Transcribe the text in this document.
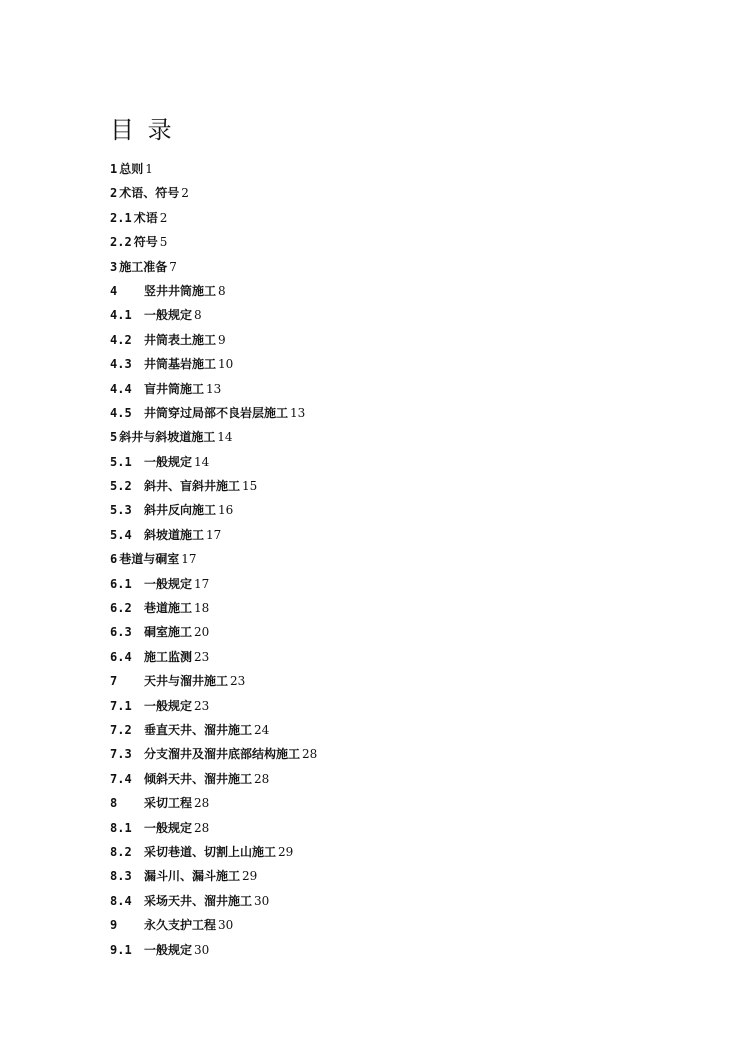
目 录
1 总则 1
2 术语、符号 2
2.1 术语 2
2.2 符号 5
3 施工准备 7
4 竖井井筒施工 8
4.1 一般规定 8
4.2 井筒表土施工 9
4.3 井筒基岩施工 10
4.4 盲井筒施工 13
4.5 井筒穿过局部不良岩层施工 13
5 斜井与斜坡道施工 14
5.1 一般规定 14
5.2 斜井、盲斜井施工 15
5.3 斜井反向施工 16
5.4 斜坡道施工 17
6 巷道与硐室 17
6.1 一般规定 17
6.2 巷道施工 18
6.3 硐室施工 20
6.4 施工监测 23
7 天井与溜井施工 23
7.1 一般规定 23
7.2 垂直天井、溜井施工 24
7.3 分支溜井及溜井底部结构施工 28
7.4 倾斜天井、溜井施工 28
8 采切工程 28
8.1 一般规定 28
8.2 采切巷道、切割上山施工 29
8.3 漏斗川、漏斗施工 29
8.4 采场天井、溜井施工 30
9 永久支护工程 30
9.1 一般规定 30
